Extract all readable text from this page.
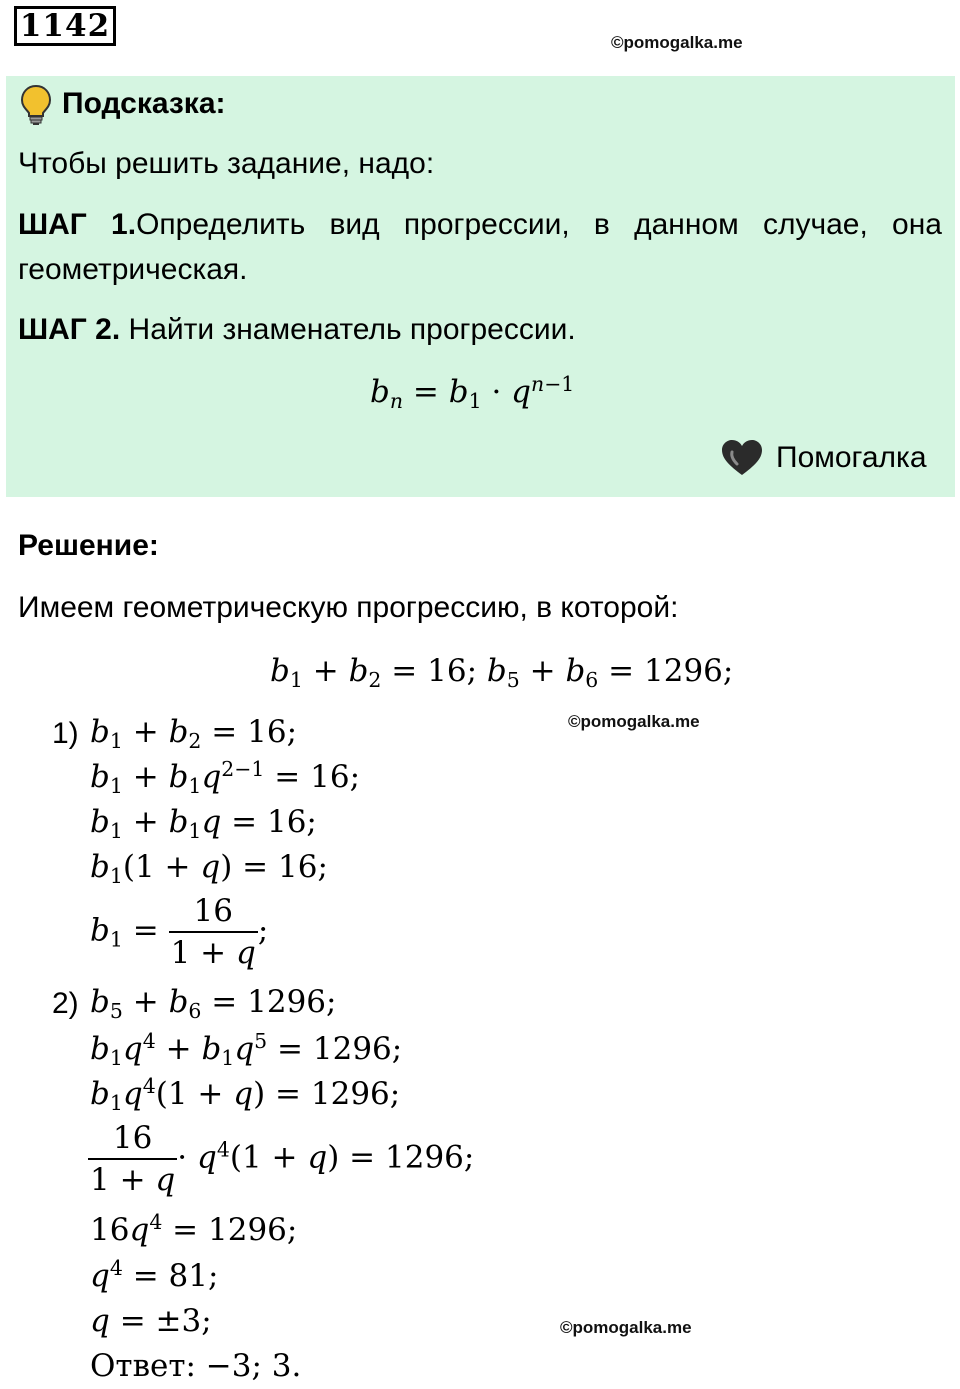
1142	©pomogalka.me
Подсказка:
Чтобы решить задание, надо:
ШАГ 1.Определить вид прогрессии, в данном случае, она
геометрическая.
ШАГ 2. Найти знаменатель прогрессии.
$b_n = b_1 \cdot q^{n-1}$
Помогалка
Решение:
Имеем геометрическую прогрессию, в которой:
$b_1 + b_2 = 16$; $b_5 + b_6 = 1296$;
©pomogalka.me
1) $b_1 + b_2 = 16$;
$b_1 + b_1q^{2-1} = 16$;
$b_1 + b_1q = 16$;
$b_1(1 + q) = 16$;
$b_1 = \frac{16}{1 + q}$ ;
2) $b_5 + b_6 = 1296$;
$b_1q^4 + b_1q^5 = 1296$;
$b_1q^4(1 + q) = 1296$;
$\frac{16}{1 + q} \cdot q^4(1 + q) = 1296$;
$16q^4 = 1296$;
$q^4 = 81$;
q = ±3;
Ответ: −3; 3.
©pomogalka.me
